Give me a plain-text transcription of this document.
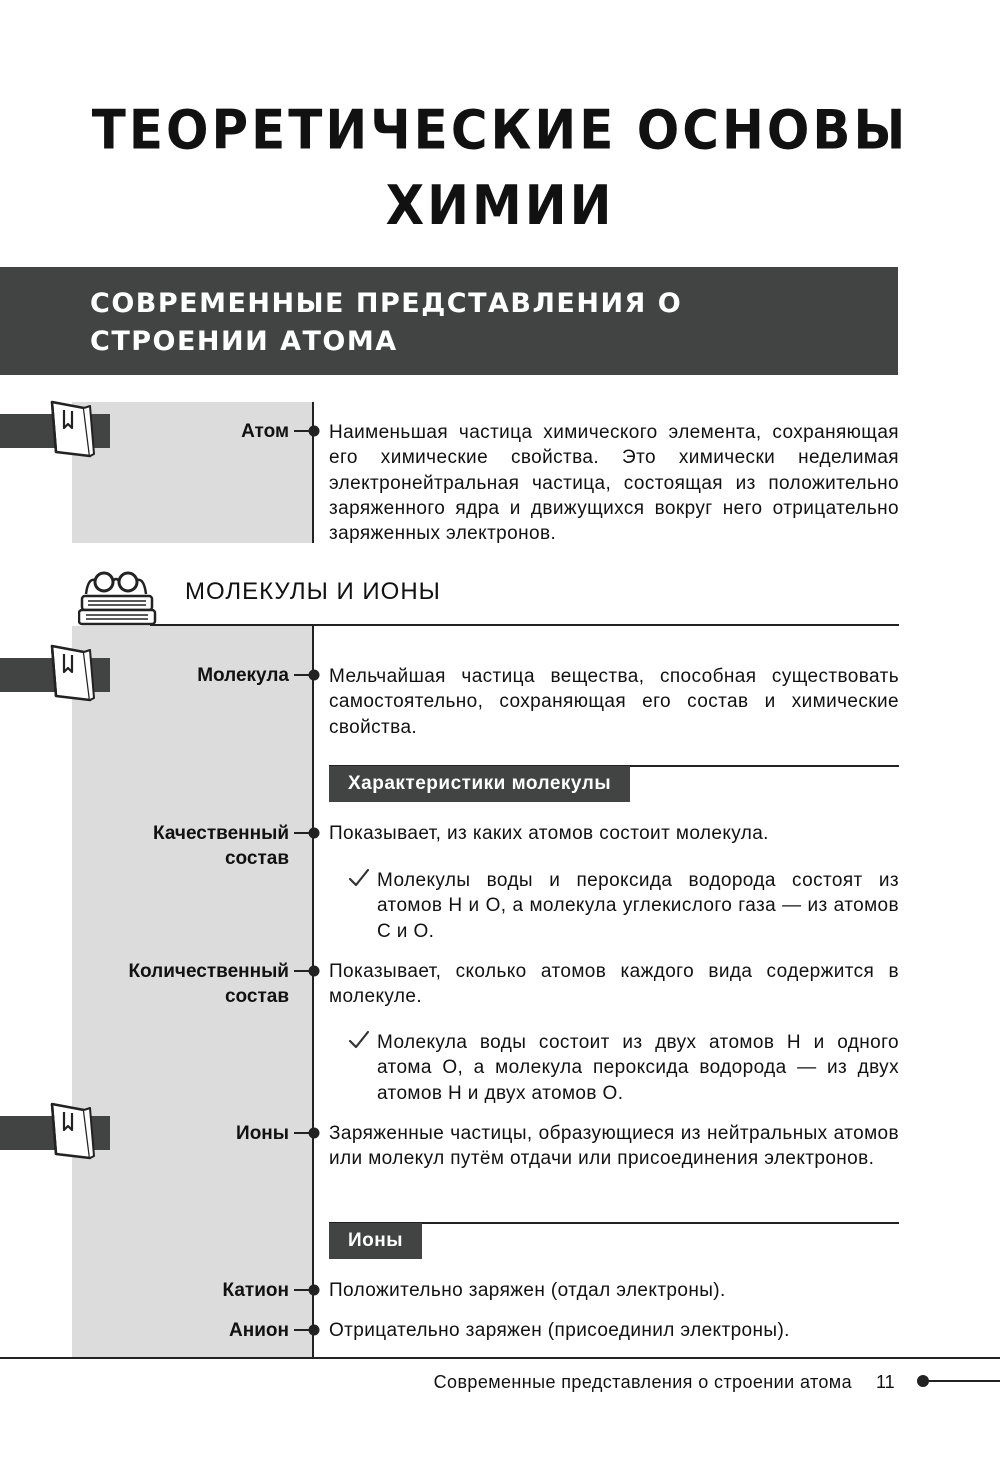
ТЕОРЕТИЧЕСКИЕ ОСНОВЫ
ХИМИИ
СОВРЕМЕННЫЕ ПРЕДСТАВЛЕНИЯ О СТРОЕНИИ АТОМА
Атом Наименьшая частица химического элемента, сохраняющая его химические свойства. Это химически неделимая электронейтральная частица, состоящая из положительно заряженного ядра и движущихся вокруг него отрицательно заряженных электронов.
МОЛЕКУЛЫ И ИОНЫ
Молекула Мельчайшая частица вещества, способная существовать самостоятельно, сохраняющая его состав и химические свойства.
Характеристики молекулы
Качественный
состав
Показывает, из каких атомов состоит молекула.
Молекулы воды и пероксида водорода состоят из атомов Н и О, а молекула углекислого газа — из атомов С и О.
Количественный
состав
Показывает, сколько атомов каждого вида содержится в молекуле.
Молекула воды состоит из двух атомов Н и одного атома О, а молекула пероксида водорода — из двух атомов Н и двух атомов О.
Ионы Заряженные частицы, образующиеся из нейтральных атомов или молекул путём отдачи или присоединения электронов.
Ионы
Катион Положительно заряжен (отдал электроны).
Анион Отрицательно заряжен (присоединил электроны).
Современные представления о строении атома 11
